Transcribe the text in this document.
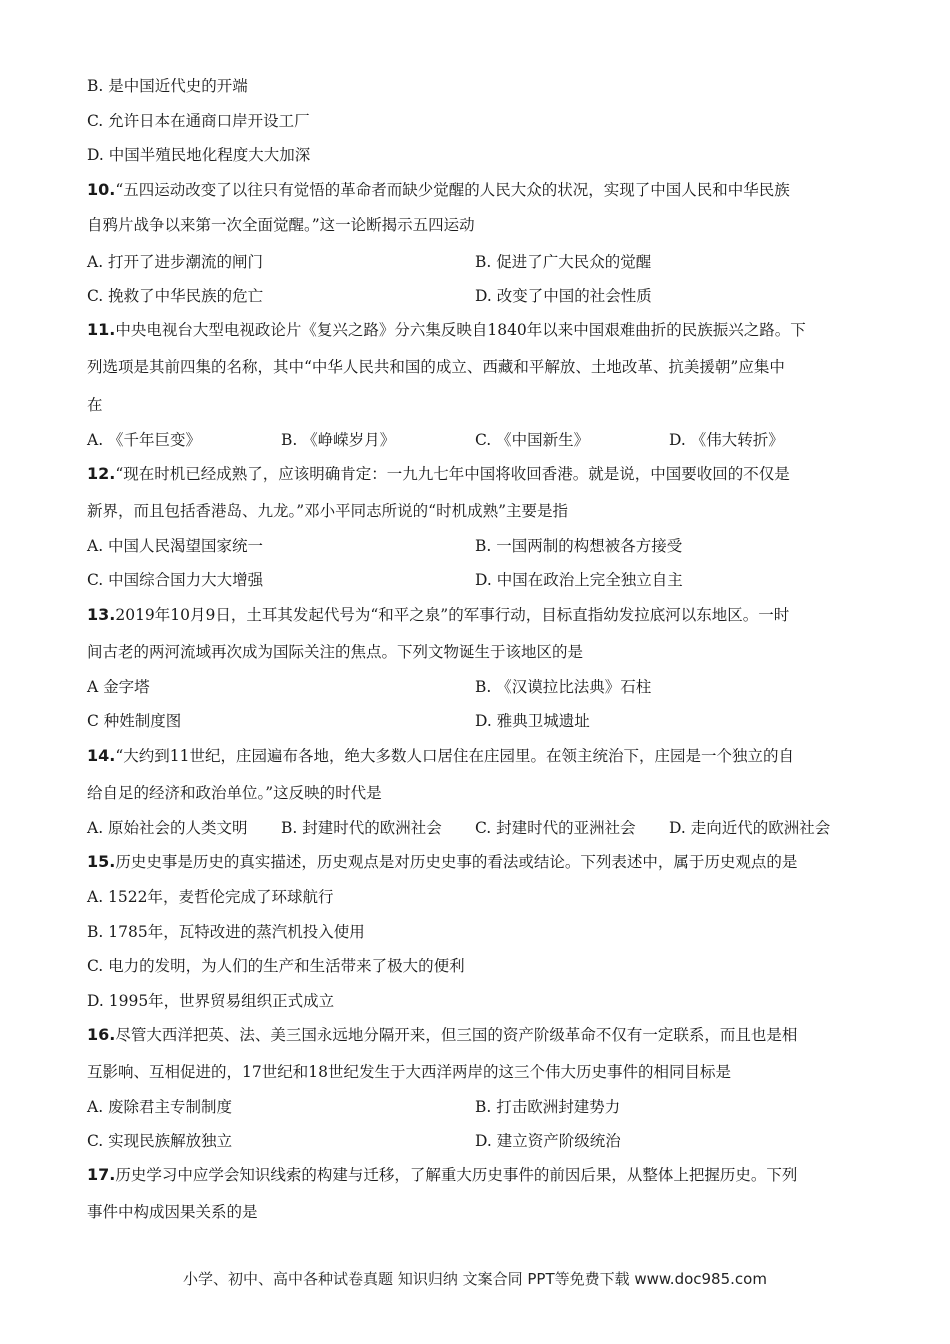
B. 是中国近代史的开端
C. 允许日本在通商口岸开设工厂
D. 中国半殖民地化程度大大加深
10.“五四运动改变了以往只有觉悟的革命者而缺少觉醒的人民大众的状况，实现了中国人民和中华民族
自鸦片战争以来第一次全面觉醒。”这一论断揭示五四运动
A. 打开了进步潮流的闸门	B. 促进了广大民众的觉醒
C. 挽救了中华民族的危亡	D. 改变了中国的社会性质
11.中央电视台大型电视政论片《复兴之路》分六集反映自1840年以来中国艰难曲折的民族振兴之路。下
列选项是其前四集的名称，其中“中华人民共和国的成立、西藏和平解放、土地改革、抗美援朝”应集中
在
A. 《千年巨变》	B. 《峥嵘岁月》	C. 《中国新生》	D. 《伟大转折》
12.“现在时机已经成熟了，应该明确肯定：一九九七年中国将收回香港。就是说，中国要收回的不仅是
新界，而且包括香港岛、九龙。”邓小平同志所说的“时机成熟”主要是指
A. 中国人民渴望国家统一	B. 一国两制的构想被各方接受
C. 中国综合国力大大增强	D. 中国在政治上完全独立自主
13.2019年10月9日，土耳其发起代号为“和平之泉”的军事行动，目标直指幼发拉底河以东地区。一时
间古老的两河流域再次成为国际关注的焦点。下列文物诞生于该地区的是
A 金字塔	B. 《汉谟拉比法典》石柱
C 种姓制度图	D. 雅典卫城遗址
14.“大约到11世纪，庄园遍布各地，绝大多数人口居住在庄园里。在领主统治下，庄园是一个独立的自
给自足的经济和政治单位。”这反映的时代是
A. 原始社会的人类文明 B. 封建时代的欧洲社会 C. 封建时代的亚洲社会 D. 走向近代的欧洲社会
15.历史史事是历史的真实描述，历史观点是对历史史事的看法或结论。下列表述中，属于历史观点的是
A. 1522年，麦哲伦完成了环球航行
B. 1785年，瓦特改进的蒸汽机投入使用
C. 电力的发明，为人们的生产和生活带来了极大的便利
D. 1995年，世界贸易组织正式成立
16.尽管大西洋把英、法、美三国永远地分隔开来，但三国的资产阶级革命不仅有一定联系，而且也是相
互影响、互相促进的，17世纪和18世纪发生于大西洋两岸的这三个伟大历史事件的相同目标是
A. 废除君主专制制度	B. 打击欧洲封建势力
C. 实现民族解放独立	D. 建立资产阶级统治
17.历史学习中应学会知识线索的构建与迁移，了解重大历史事件的前因后果，从整体上把握历史。下列
事件中构成因果关系的是
小学、初中、高中各种试卷真题 知识归纳 文案合同 PPT等免费下载 www.doc985.com
